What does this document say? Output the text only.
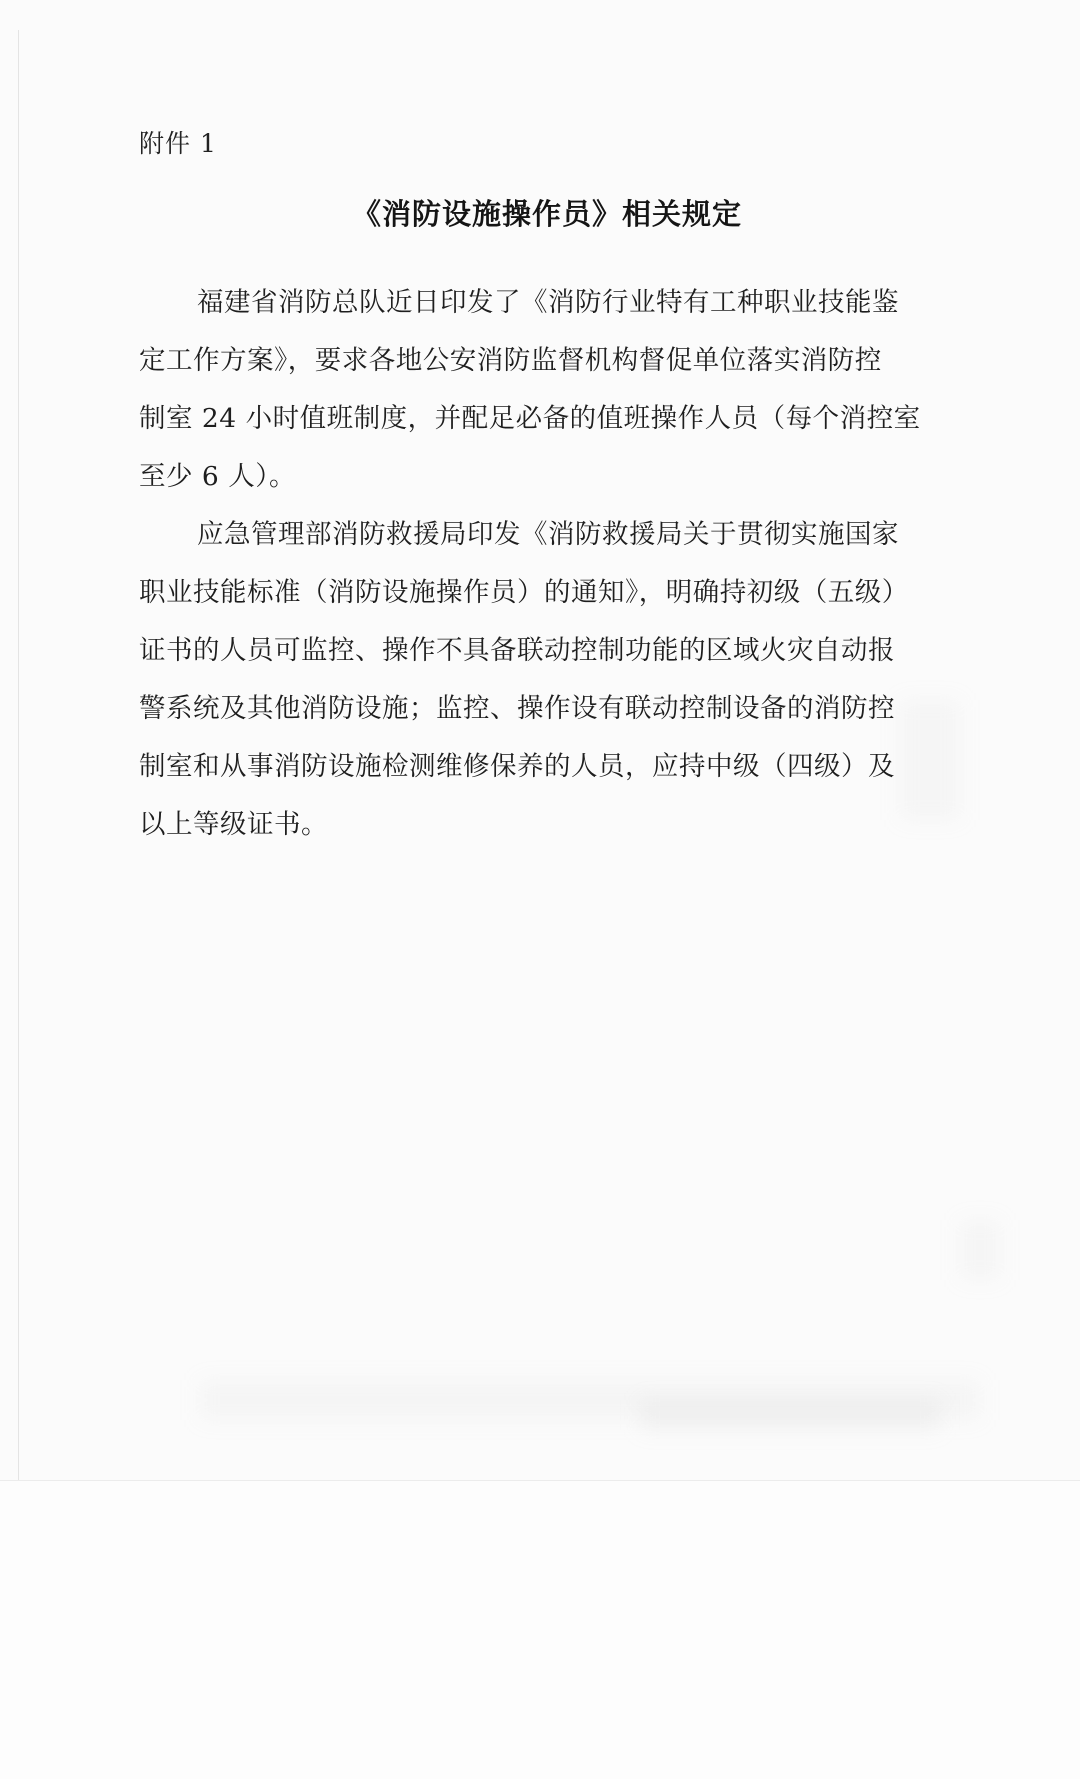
附件 1
《消防设施操作员》相关规定
福建省消防总队近日印发了《消防行业特有工种职业技能鉴
定工作方案》，要求各地公安消防监督机构督促单位落实消防控
制室 24 小时值班制度，并配足必备的值班操作人员（每个消控室
至少 6 人）。
应急管理部消防救援局印发《消防救援局关于贯彻实施国家
职业技能标准（消防设施操作员）的通知》，明确持初级（五级）
证书的人员可监控、操作不具备联动控制功能的区域火灾自动报
警系统及其他消防设施；监控、操作设有联动控制设备的消防控
制室和从事消防设施检测维修保养的人员，应持中级（四级）及
以上等级证书。
